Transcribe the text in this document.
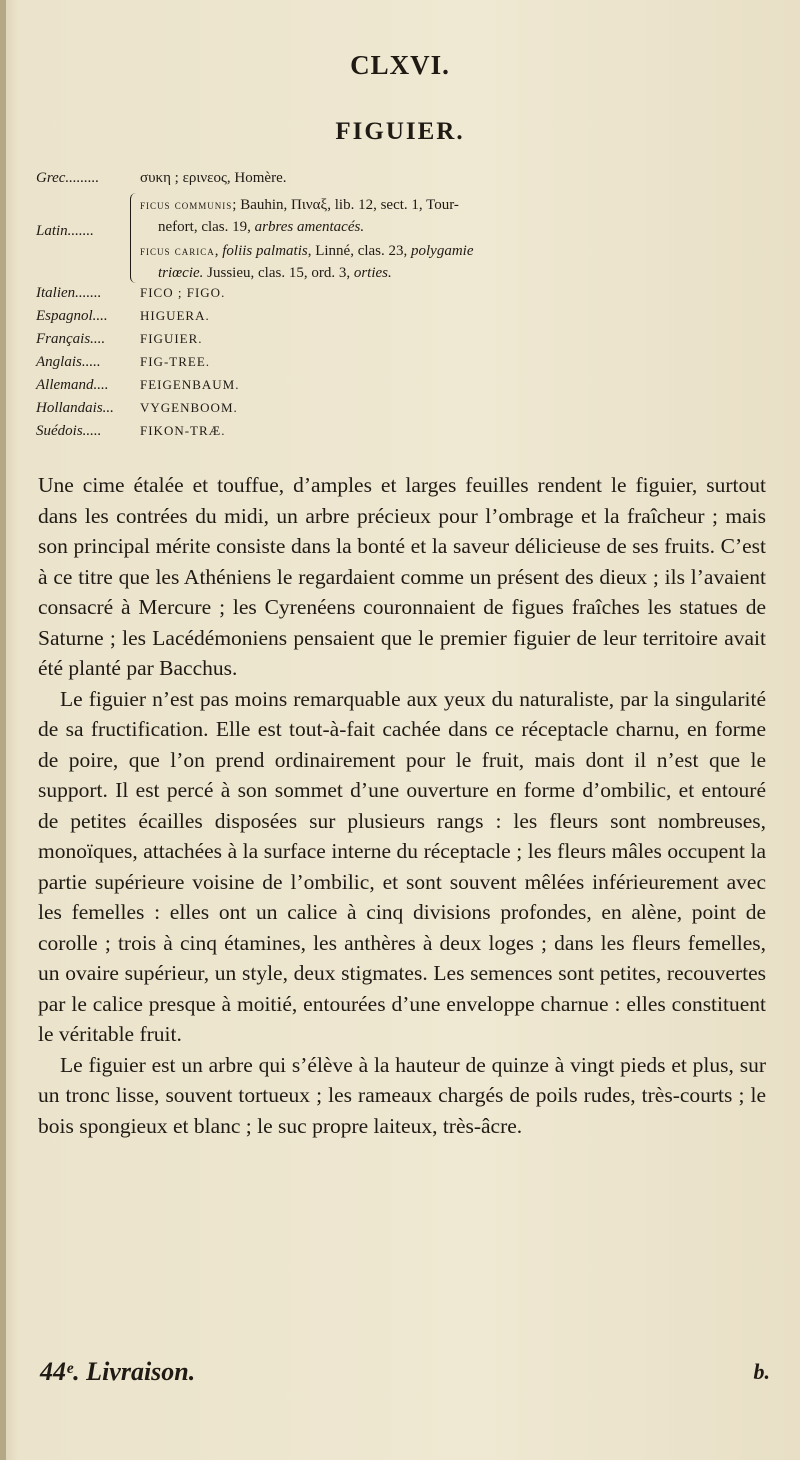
CLXVI.
FIGUIER.
Grec.........	συκη ; ερινεος, Homère.
Latin.......
ficus communis; Bauhin, Πιναξ, lib. 12, sect. 1, Tour-
nefort, clas. 19, arbres amentacés.
ficus carica, foliis palmatis, Linné, clas. 23, polygamie
triœcie. Jussieu, clas. 15, ord. 3, orties.
Italien.......	FICO ; FIGO.
Espagnol.... HIGUERA.
Français....	FIGUIER.
Anglais.....	FIG-TREE.
Allemand.... FEIGENBAUM.
Hollandais... VYGENBOOM.
Suédois.....	FIKON-TRÆ.

Une cime étalée et touffue, d’amples et larges feuilles rendent le figuier, surtout dans les contrées du midi, un arbre précieux pour l’ombrage et la fraîcheur ; mais son principal mérite consiste dans la bonté et la saveur délicieuse de ses fruits. C’est à ce titre que les Athéniens le regardaient comme un présent des dieux ; ils l’avaient consacré à Mercure ; les Cyrenéens couronnaient de figues fraîches les statues de Saturne ; les Lacédémoniens pensaient que le premier figuier de leur territoire avait été planté par Bacchus.

Le figuier n’est pas moins remarquable aux yeux du naturaliste, par la singularité de sa fructification. Elle est tout-à-fait cachée dans ce réceptacle charnu, en forme de poire, que l’on prend ordinairement pour le fruit, mais dont il n’est que le support. Il est percé à son sommet d’une ouverture en forme d’ombilic, et entouré de petites écailles disposées sur plusieurs rangs : les fleurs sont nombreuses, monoïques, attachées à la surface interne du réceptacle ; les fleurs mâles occupent la partie supérieure voisine de l’ombilic, et sont souvent mêlées inférieurement avec les femelles : elles ont un calice à cinq divisions profondes, en alène, point de corolle ; trois à cinq étamines, les anthères à deux loges ; dans les fleurs femelles, un ovaire supérieur, un style, deux stigmates. Les semences sont petites, recouvertes par le calice presque à moitié, entourées d’une enveloppe charnue : elles constituent le véritable fruit.

Le figuier est un arbre qui s’élève à la hauteur de quinze à vingt pieds et plus, sur un tronc lisse, souvent tortueux ; les rameaux chargés de poils rudes, très-courts ; le bois spongieux et blanc ; le suc propre laiteux, très-âcre.

44ᵉ. Livraison.	b.
